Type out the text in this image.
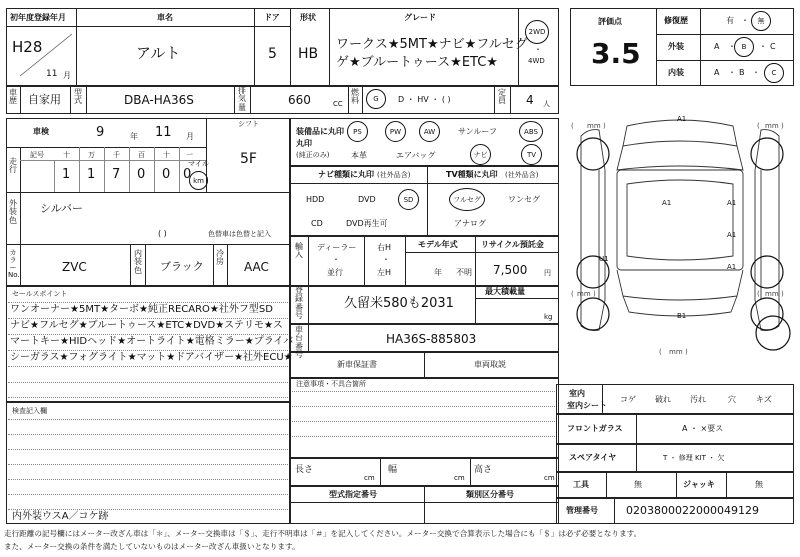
初年度登録年月
H28
11 月
車名
アルト
ドア
5
形状
HB
グレード
ワークス★5MT★ナビ★フルセグ
ゲ★ブルートゥース★ETC★
2WD
・
4WD
車歴 自家用
型式	DBA-HA36S
排気量
660	CC
燃料	G	D ・ HV ・ ( )
定員 4 人
車検	9	年 11 月
シフト
5F
走行
記号	十	万	千	百	十 一
1 1 7 0 0 0
マイル
km
外装色
シルバー
( )	色替車は色替と記入
カラーNo.
ZVC
内装色 ブラック
冷房 AAC
装備品に丸印
丸印
(純正のみ)
PS	PW	AW	サンルーフ	ABS
本革	エアバッグ	ナビ	TV
ナビ種類に丸印 (社外品含)
HDD	DVD	SD
CD	DVD再生可
TV種類に丸印 (社外品含)
フルセグ	ワンセグ
アナログ
輸入
ディーラー
・
並行
右H
・
左H
モデル年式
年 不明
リサイクル預託金
7,500 円
登録番号
久留米580も2031
最大積載量
kg
車台番号
HA36S-885803
セールスポイント
ワンオーナー★5MT★ターボ★純正RECARO★社外フ型SD
ナビ★フルセグ★ブルートゥース★ETC★DVD★ステリモ★ス
マートキー★HIDヘッド★オートライト★電格ミラー★プライバ
シーガラス★フォグライト★マット★ドアバイザー★社外ECU★
検査記入欄
内外装ウスA／コケ跡
新車保証書	車両取説
注意事項・不具合箇所
長さ
cm
幅
cm
高さ
cm
型式指定番号	類別区分番号
評価点
3.5
修復歴	有 ・	無
外装	A ・ B	・ C
内装	A ・ B ・	C
( mm )	( mm )
( mm )	( mm )
( mm )
A1
A1	A1
A1
U1
A1
B1
室内
室内シート
コゲ 破れ 汚れ	穴	キズ
フロントガラス	A ・ ×要ス
スペアタイヤ	T ・ 修理 KIT ・ 欠
工具	無	ジャッキ	無
管理番号	0203800022000049129
走行距離の記号欄にはメーター改ざん車は「＊」、メーター交換車は「＄」、走行不明車は「＃」を記入してください。メーター交換で合算表示した場合にも「＄」は必ず必要となります。
また、メーター交換の条件を満たしていないものはメーター改ざん車扱いとなります。
